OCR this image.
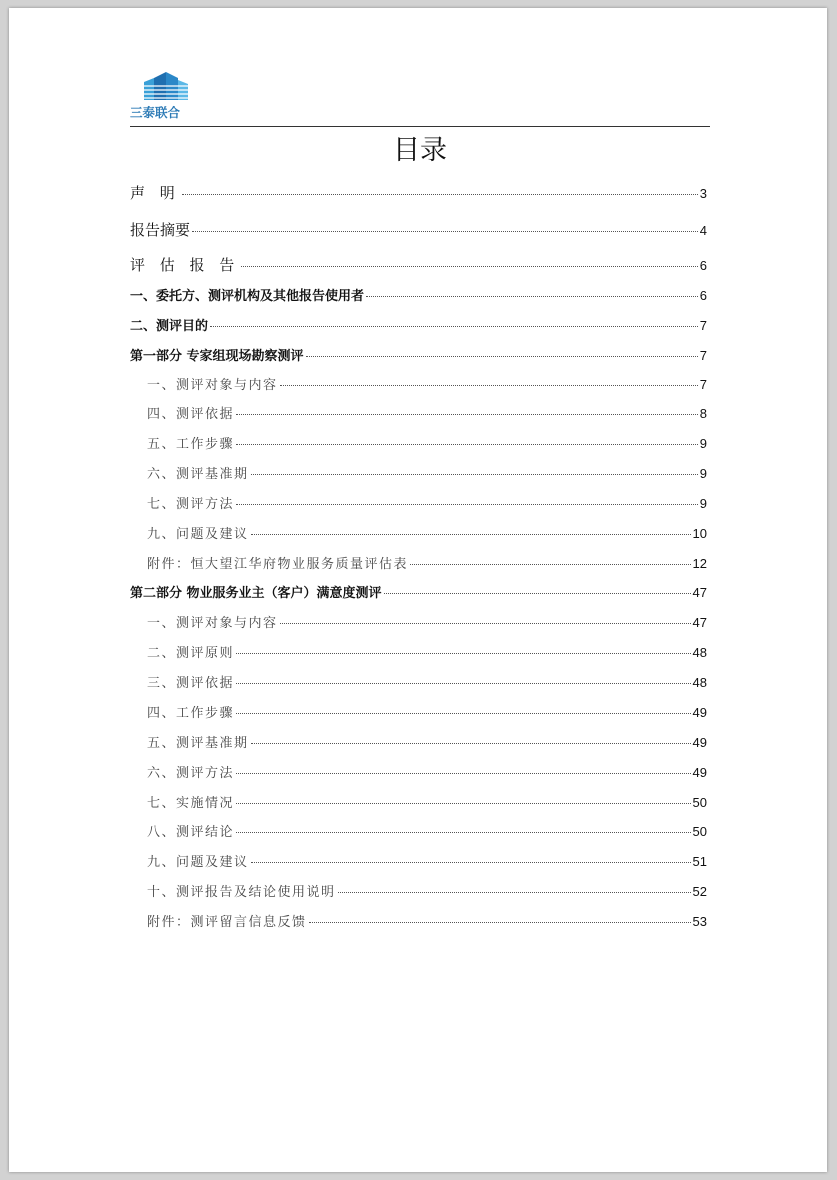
三泰联合
目录
声 明	3
报告摘要	4
评 估 报 告	6
一、委托方、测评机构及其他报告使用者	6
二、测评目的	7
第一部分 专家组现场勘察测评	7
一、测评对象与内容	7
四、测评依据	8
五、工作步骤	9
六、测评基准期	9
七、测评方法	9
九、问题及建议	10
附件：恒大望江华府物业服务质量评估表	12
第二部分 物业服务业主（客户）满意度测评	47
一、测评对象与内容	47
二、测评原则	48
三、测评依据	48
四、工作步骤	49
五、测评基准期	49
六、测评方法	49
七、实施情况	50
八、测评结论	50
九、问题及建议	51
十、测评报告及结论使用说明	52
附件：测评留言信息反馈	53
